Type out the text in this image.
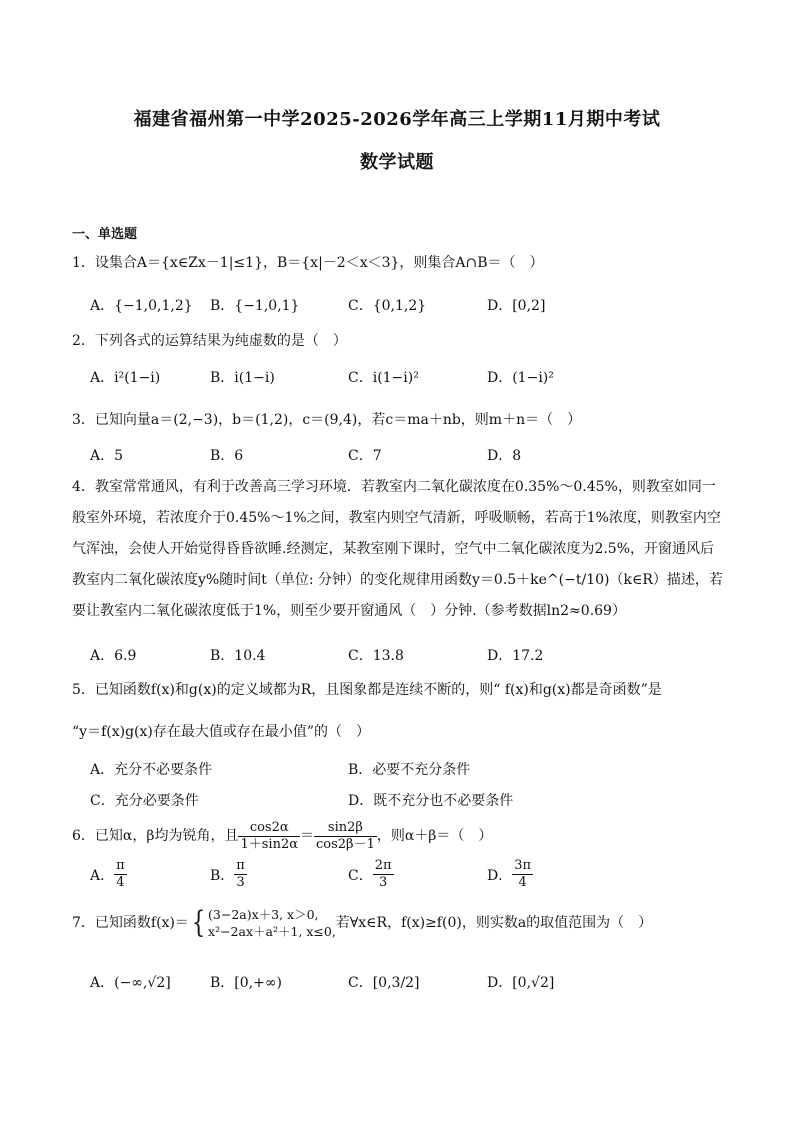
福建省福州第一中学2025-2026学年高三上学期11月期中考试
数学试题
一、单选题
1．设集合A＝{x∈Zx－1|≤1}，B＝{x|－2＜x＜3}，则集合A∩B＝（　）
A．{−1,0,1,2} B．{−1,0,1}	C．{0,1,2}	D．[0,2]
2．下列各式的运算结果为纯虚数的是（　）
A．i²(1−i)	B．i(1−i)	C．i(1−i)²	D．(1−i)²
3．已知向量a＝(2,−3)，b＝(1,2)，c＝(9,4)，若c＝ma＋nb，则m＋n＝（　）
A．5	B．6	C．7	D．8
4．教室常常通风，有利于改善高三学习环境．若教室内二氧化碳浓度在0.35%～0.45%，则教室如同一般室外环境，若浓度介于0.45%～1%之间，教室内则空气清新，呼吸顺畅，若高于1%浓度，则教室内空气浑浊，会使人开始觉得昏昏欲睡.经测定，某教室刚下课时，空气中二氧化碳浓度为2.5%，开窗通风后教室内二氧化碳浓度y%随时间t（单位: 分钟）的变化规律用函数y＝0.5＋ke^(−t/10)（k∈R）描述，若要让教室内二氧化碳浓度低于1%，则至少要开窗通风（　）分钟.（参考数据ln2≈0.69）
A．6.9	B．10.4	C．13.8	D．17.2
5．已知函数f(x)和g(x)的定义域都为R，且图象都是连续不断的，则“ f(x)和g(x)都是奇函数”是
“y＝f(x)g(x)存在最大值或存在最小值”的（　）
A．充分不必要条件	B．必要不充分条件
C．充分必要条件	D．既不充分也不必要条件
6．已知α，β均为锐角，且 $\frac{\cos 2\alpha}{1+\sin 2\alpha} = \frac{\sin 2\beta}{\cos 2\beta-1}$ ，则α＋β＝（　）
A． $\frac{\pi}{4}$	B． $\frac{\pi}{3}$	C． $\frac{2\pi}{3}$	D． $\frac{3\pi}{4}$
7．已知函数f(x)＝{ (3−2a)x＋3, x＞0,
x²−2ax＋a²＋1, x≤0,
若∀x∈R，f(x)≥f(0)，则实数a的取值范围为（　）
A．(−∞,√2]	B．[0,+∞)	C．[0,3/2]	D．[0,√2]
